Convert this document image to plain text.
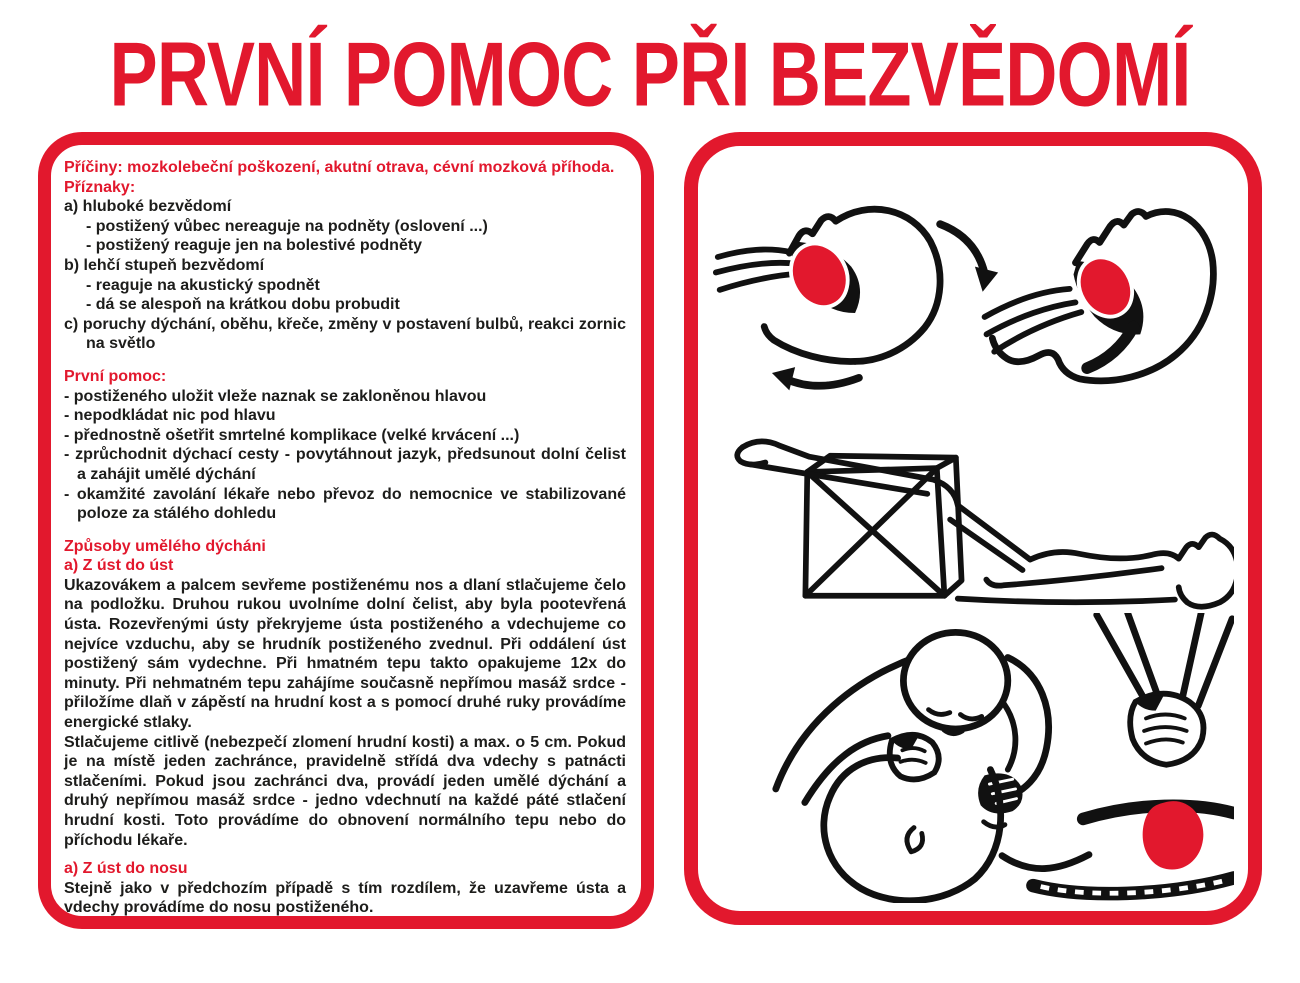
PRVNÍ POMOC PŘI BEZVĚDOMÍ
Příčiny: mozkolebeční poškození, akutní otrava, cévní mozková příhoda.
Příznaky:
a) hluboké bezvědomí
- postižený vůbec nereaguje na podněty (oslovení ...)
- postižený reaguje jen na bolestivé podněty
b) lehčí stupeň bezvědomí
- reaguje na akustický spodnět
- dá se alespoň na krátkou dobu probudit
c) poruchy dýchání, oběhu, křeče, změny v postavení bulbů, reakci zornic na světlo
První pomoc:
- postiženého uložit vleže naznak se zakloněnou hlavou
- nepodkládat nic pod hlavu
- přednostně ošetřit smrtelné komplikace (velké krvácení ...)
- zprůchodnit dýchací cesty - povytáhnout jazyk, předsunout dolní čelist a zahájit umělé dýchání
- okamžité zavolání lékaře nebo převoz do nemocnice ve stabilizované poloze za stálého dohledu
Způsoby umělého dýcháni
a) Z úst do úst
Ukazovákem a palcem sevřeme postiženému nos a dlaní stlačujeme čelo na podložku. Druhou rukou uvolníme dolní čelist, aby byla pootevřená ústa. Rozevřenými ústy překryjeme ústa postiženého a vdechujeme co nejvíce vzduchu, aby se hrudník postiženého zvednul. Při oddálení úst postižený sám vydechne. Při hmatném tepu takto opakujeme 12x do minuty. Při nehmatném tepu zahájíme současně nepřímou masáž srdce - přiložíme dlaň v zápěstí na hrudní kost a s pomocí druhé ruky provádíme energické stlaky.
Stlačujeme citlivě (nebezpečí zlomení hrudní kosti) a max. o 5 cm. Pokud je na místě jeden zachránce, pravidelně střídá dva vdechy s patnácti stlačeními. Pokud jsou zachránci dva, provádí jeden umělé dýchání a druhý nepřímou masáž srdce - jedno vdechnutí na každé páté stlačení hrudní kosti. Toto provádíme do obnovení normálního tepu nebo do příchodu lékaře.
a) Z úst do nosu
Stejně jako v předchozím případě s tím rozdílem, že uzavřeme ústa a vdechy provádíme do nosu postiženého.
